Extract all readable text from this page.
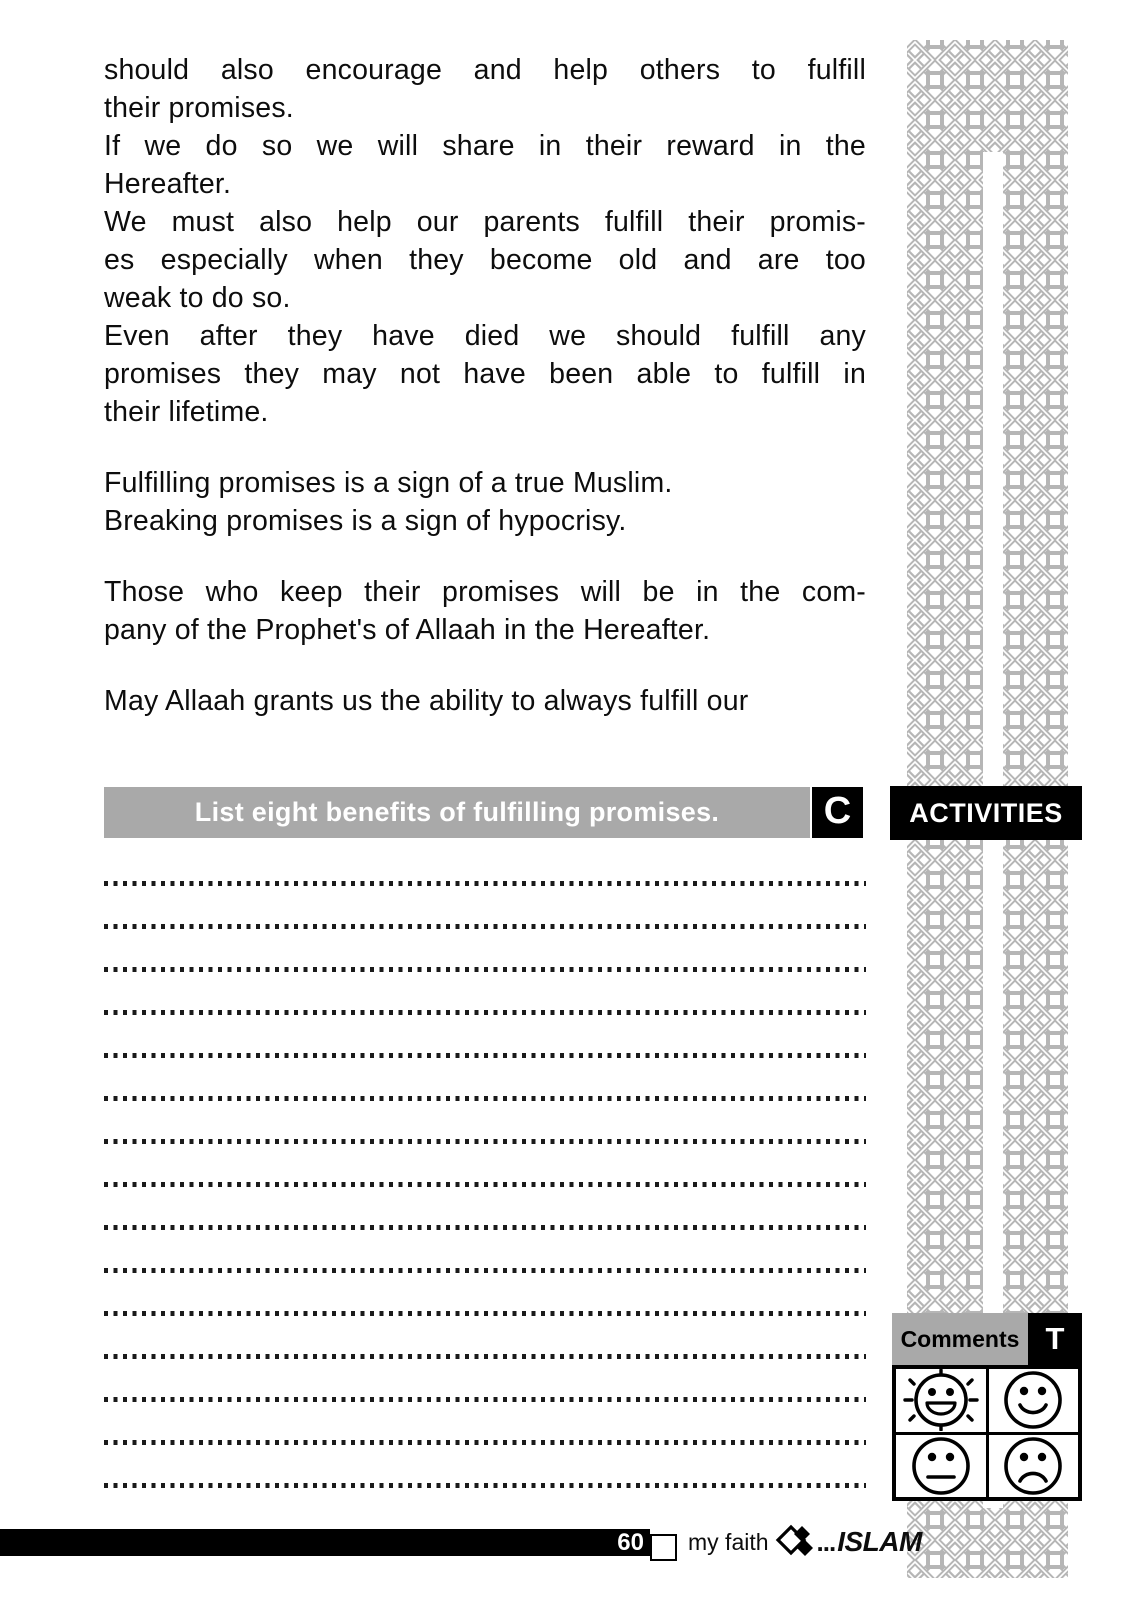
should also encourage and help others to fulfill
their promises.
If we do so we will share in their reward in the
Hereafter.
We must also help our parents fulfill their promis-
es especially when they become old and are too
weak to do so.
Even after they have died we should fulfill any
promises they may not have been able to fulfill in
their lifetime.
Fulfilling promises is a sign of a true Muslim.
Breaking promises is a sign of hypocrisy.
Those who keep their promises will be in the com-
pany of the Prophet's of Allaah in the Hereafter.
May Allaah grants us the ability to always fulfill our
List eight benefits of fulfilling promises.	C	ACTIVITIES
Comments T
60 my faith ... ISLAM
